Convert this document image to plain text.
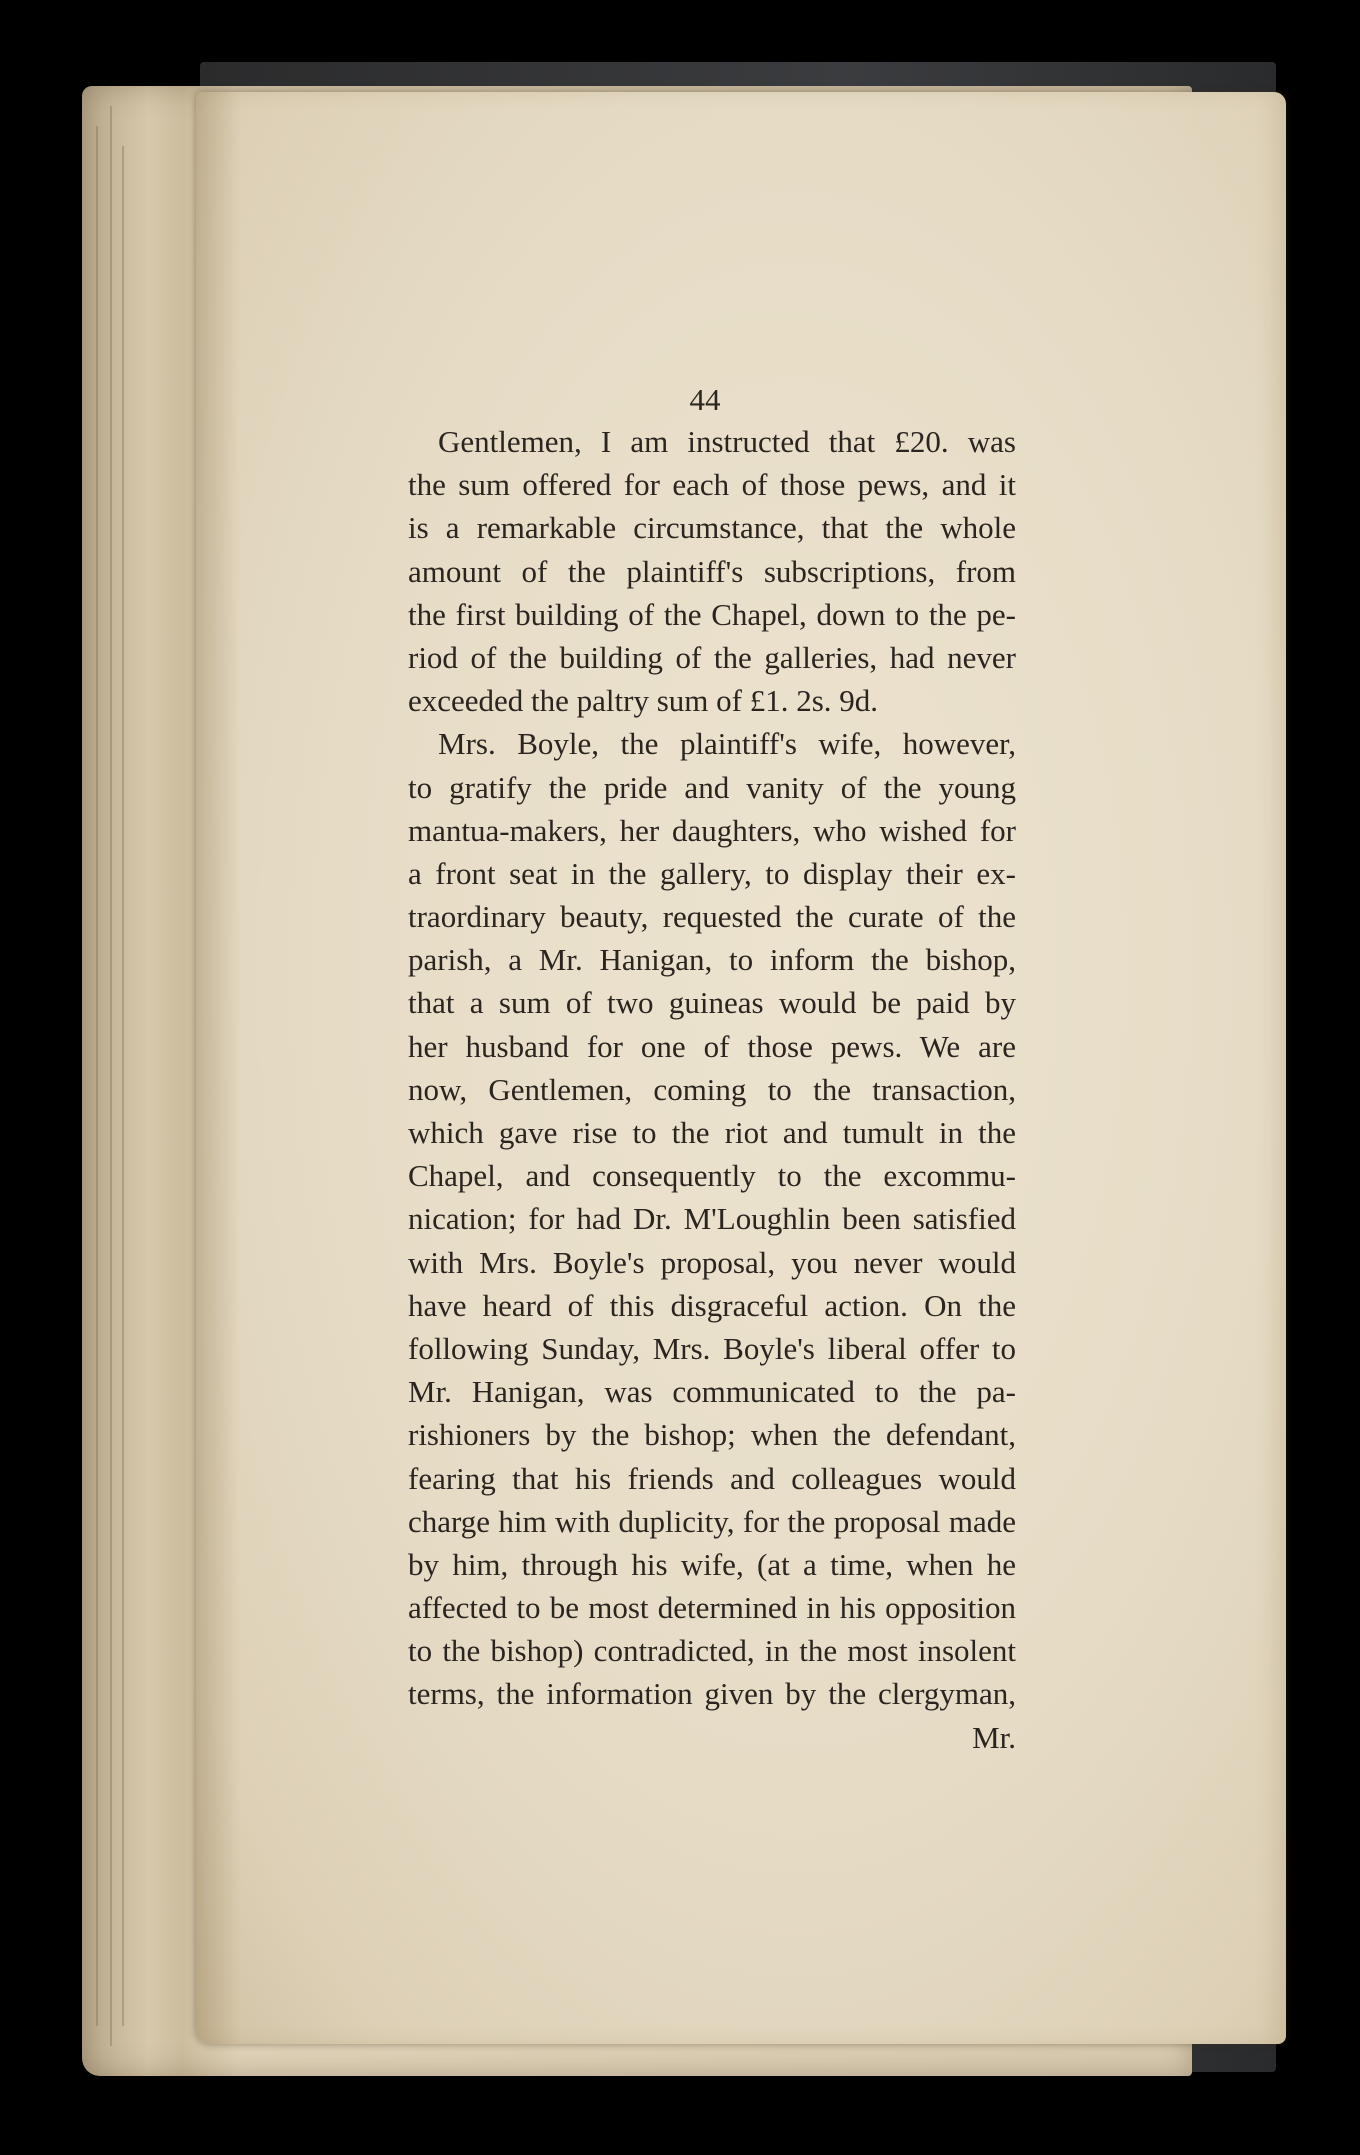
44
Gentlemen, I am instructed that £20. was
the sum offered for each of those pews, and it
is a remarkable circumstance, that the whole
amount of the plaintiff's subscriptions, from
the first building of the Chapel, down to the pe-
riod of the building of the galleries, had never
exceeded the paltry sum of £1. 2s. 9d.
Mrs. Boyle, the plaintiff's wife, however,
to gratify the pride and vanity of the young
mantua-makers, her daughters, who wished for
a front seat in the gallery, to display their ex-
traordinary beauty, requested the curate of the
parish, a Mr. Hanigan, to inform the bishop,
that a sum of two guineas would be paid by
her husband for one of those pews. We are
now, Gentlemen, coming to the transaction,
which gave rise to the riot and tumult in the
Chapel, and consequently to the excommu-
nication; for had Dr. M'Loughlin been satisfied
with Mrs. Boyle's proposal, you never would
have heard of this disgraceful action. On the
following Sunday, Mrs. Boyle's liberal offer to
Mr. Hanigan, was communicated to the pa-
rishioners by the bishop; when the defendant,
fearing that his friends and colleagues would
charge him with duplicity, for the proposal made
by him, through his wife, (at a time, when he
affected to be most determined in his opposition
to the bishop) contradicted, in the most insolent
terms, the information given by the clergyman,
Mr.
